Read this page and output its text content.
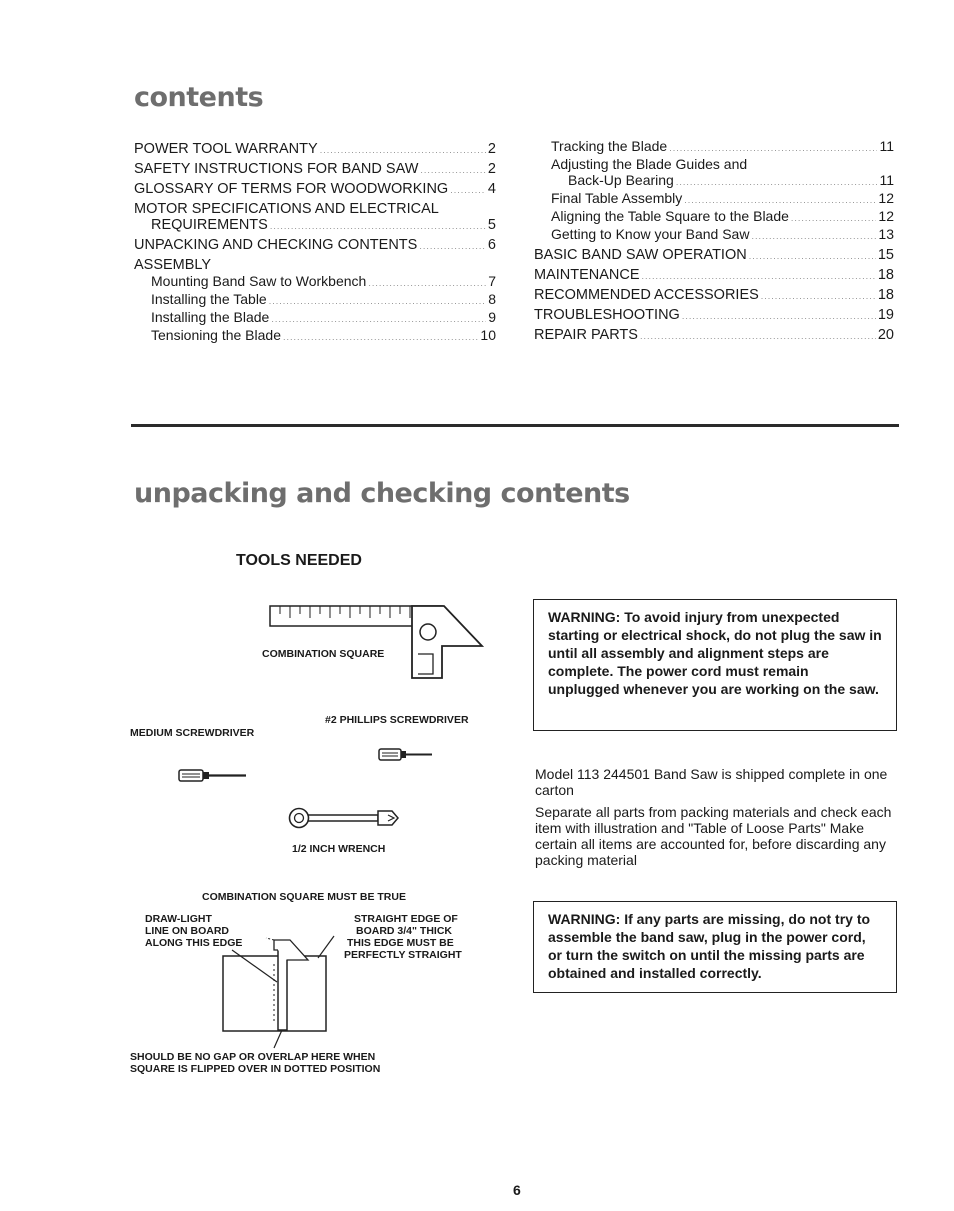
contents
POWER TOOL WARRANTY .....	2
SAFETY INSTRUCTIONS FOR BAND SAW .....	2
GLOSSARY OF TERMS FOR WOODWORKING .....	4
MOTOR SPECIFICATIONS AND ELECTRICAL
REQUIREMENTS .....	5
UNPACKING AND CHECKING CONTENTS .....	6
ASSEMBLY
Mounting Band Saw to Workbench .....	7
Installing the Table .....	8
Installing the Blade .....	9
Tensioning the Blade .....	10
Tracking the Blade .....	11
Adjusting the Blade Guides and
Back-Up Bearing .....	11
Final Table Assembly .....	12
Aligning the Table Square to the Blade .....	12
Getting to Know your Band Saw .....	13
BASIC BAND SAW OPERATION .....	15
MAINTENANCE .....	18
RECOMMENDED ACCESSORIES .....	18
TROUBLESHOOTING .....	19
REPAIR PARTS .....	20
unpacking and checking contents
TOOLS NEEDED
COMBINATION SQUARE
#2 PHILLIPS SCREWDRIVER
MEDIUM SCREWDRIVER
1/2 INCH WRENCH
COMBINATION SQUARE MUST BE TRUE
DRAW-LIGHT
LINE ON BOARD
ALONG THIS EDGE
STRAIGHT EDGE OF
BOARD 3/4" THICK
THIS EDGE MUST BE
PERFECTLY STRAIGHT
SHOULD BE NO GAP OR OVERLAP HERE WHEN
SQUARE IS FLIPPED OVER IN DOTTED POSITION
WARNING: To avoid injury from unexpected starting or electrical shock, do not plug the saw in until all assembly and alignment steps are complete. The power cord must remain unplugged whenever you are working on the saw.

Model 113 244501 Band Saw is shipped complete in one carton

Separate all parts from packing materials and check each item with illustration and "Table of Loose Parts" Make certain all items are accounted for, before discarding any packing material

WARNING: If any parts are missing, do not try to assemble the band saw, plug in the power cord, or turn the switch on until the missing parts are obtained and installed correctly.
6
